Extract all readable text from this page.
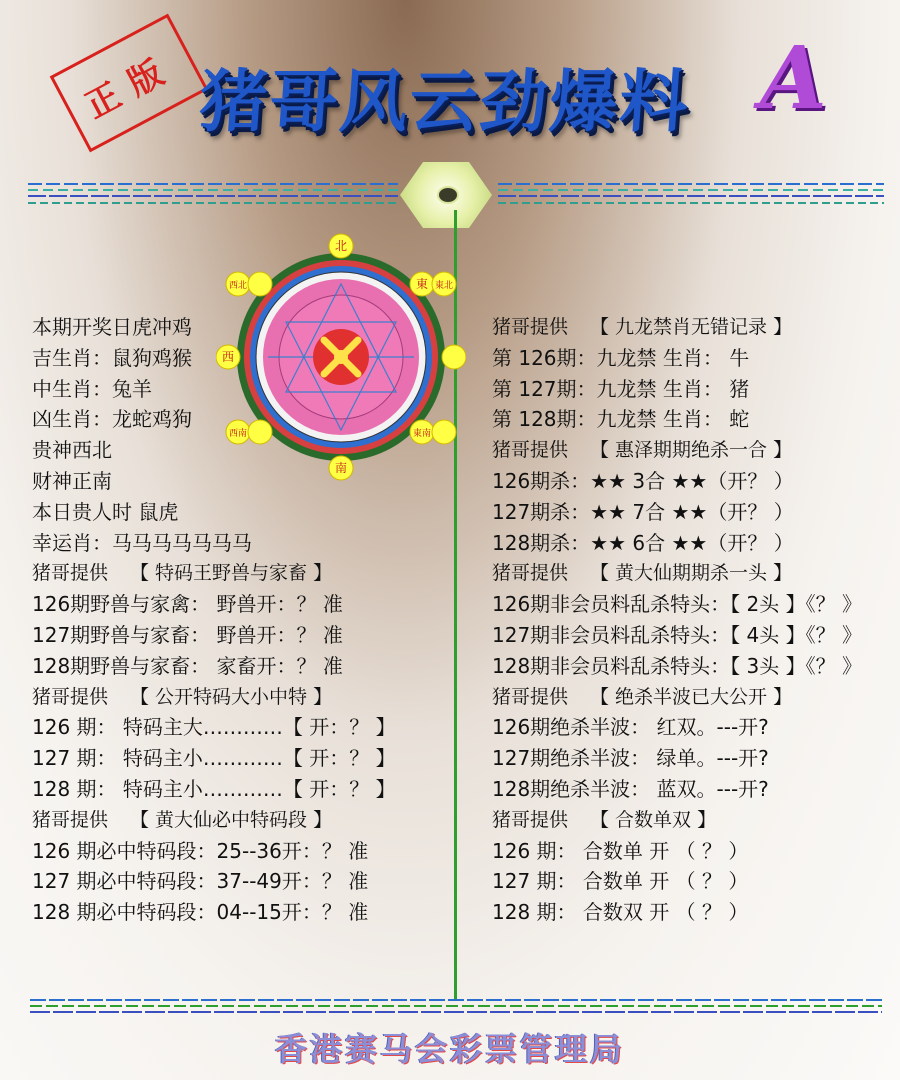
正版 猪哥风云劲爆料 A
北
西北	東 東北
西
西南	東南
南
本期开奖日虎冲鸡
吉生肖：鼠狗鸡猴
中生肖：兔羊
凶生肖：龙蛇鸡狗
贵神西北
财神正南
本日贵人时 鼠虎
幸运肖：马马马马马马马
猪哥提供 【 特码王野兽与家畜 】
126期野兽与家禽： 野兽开：？ 准
127期野兽与家畜： 野兽开：？ 准
128期野兽与家畜： 家畜开：？ 准
猪哥提供 【 公开特码大小中特 】
126 期： 特码主大…………【 开：？ 】
127 期： 特码主小…………【 开：？ 】
128 期： 特码主小…………【 开：？ 】
猪哥提供 【 黄大仙必中特码段 】
126 期必中特码段：25--36开：？ 准
127 期必中特码段：37--49开：？ 准
128 期必中特码段：04--15开：？ 准
猪哥提供 【 九龙禁肖无错记录 】
第 126期：九龙禁 生肖： 牛
第 127期：九龙禁 生肖： 猪
第 128期：九龙禁 生肖： 蛇
猪哥提供 【 惠泽期期绝杀一合 】
126期杀：★★ 3合 ★★（开？ ）
127期杀：★★ 7合 ★★（开？ ）
128期杀：★★ 6合 ★★（开？ ）
猪哥提供 【 黄大仙期期杀一头 】
126期非会员料乱杀特头：【 2头 】《？ 》
127期非会员料乱杀特头：【 4头 】《？ 》
128期非会员料乱杀特头：【 3头 】《？ 》
猪哥提供 【 绝杀半波已大公开 】
126期绝杀半波： 红双。---开?
127期绝杀半波： 绿单。---开?
128期绝杀半波： 蓝双。---开?
猪哥提供 【 合数单双 】
126 期： 合数单 开 （ ？ ）
127 期： 合数单 开 （ ？ ）
128 期： 合数双 开 （ ？ ）
香港赛马会彩票管理局
